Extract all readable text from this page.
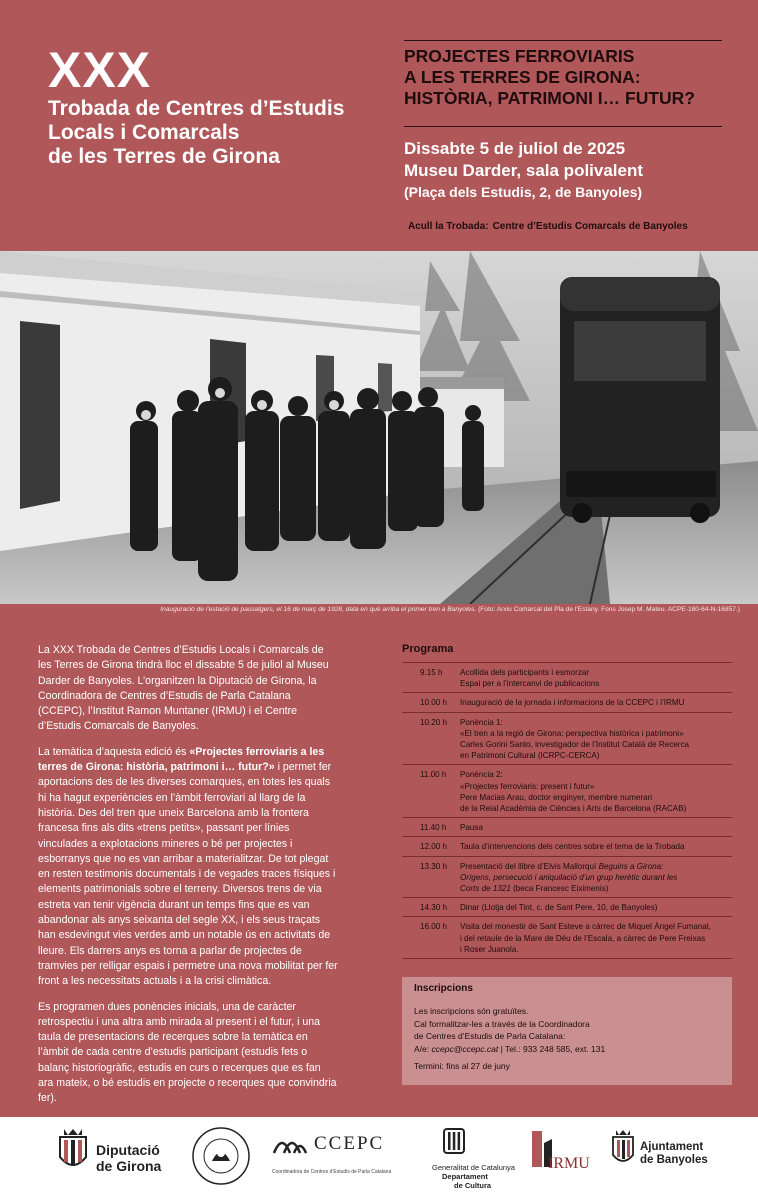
XXX
Trobada de Centres d’Estudis
Locals i Comarcals
de les Terres de Girona
PROJECTES FERROVIARIS
A LES TERRES DE GIRONA:
HISTÒRIA, PATRIMONI I… FUTUR?
Dissabte 5 de juliol de 2025
Museu Darder, sala polivalent
(Plaça dels Estudis, 2, de Banyoles)
Acull la Trobada: Centre d’Estudis Comarcals de Banyoles
Inauguració de l’estació de passatgers, el 16 de març de 1928, data en què arriba el primer tren a Banyoles. (Foto: Arxiu Comarcal del Pla de l’Estany. Fons Josep M. Mateu. ACPE-180-64-N-16857.)

La XXX Trobada de Centres d’Estudis Locals i Comarcals de les Terres de Girona tindrà lloc el dissabte 5 de juliol al Museu Darder de Banyoles. L’organitzen la Diputació de Girona, la Coordinadora de Centres d’Estudis de Parla Catalana (CCEPC), l’Institut Ramon Muntaner (IRMU) i el Centre d’Estudis Comarcals de Banyoles.

La temàtica d’aquesta edició és «Projectes ferroviaris a les terres de Girona: història, patrimoni i… futur?» i permet fer aportacions des de les diverses comarques, en totes les quals hi ha hagut experiències en l’àmbit ferroviari al llarg de la història. Des del tren que uneix Barcelona amb la frontera francesa fins als dits «trens petits», passant per línies vinculades a explotacions mineres o bé per projectes i esborranys que no es van arribar a materialitzar. De tot plegat en resten testimonis documentals i de vegades traces físiques i elements patrimonials sobre el terreny. Diversos trens de via estreta van tenir vigència durant un temps fins que es van abandonar als anys seixanta del segle XX, i els seus traçats han esdevingut vies verdes amb un notable ús en activitats de lleure. Els darrers anys es torna a parlar de projectes de tramvies per relligar espais i permetre una nova mobilitat per fer front a les necessitats actuals i a la crisi climàtica.

Es programen dues ponències inicials, una de caràcter retrospectiu i una altra amb mirada al present i el futur, i una taula de presentacions de recerques sobre la temàtica en l’àmbit de cada centre d’estudis participant (estudis fets o balanç historiogràfic, estudis en curs o recerques que es fan ara mateix, o bé estudis en projecte o recerques que convindria fer).

Programa
9.15 h Acollida dels participants i esmorzar
Espai per a l’intercanvi de publicacions
10.00 h Inauguració de la jornada i informacions de la CCEPC i l’IRMU
10.20 h Ponència 1:
«El tren a la regió de Girona: perspectiva històrica i patrimoni»
Carles Gorini Santo, investigador de l’Institut Català de Recerca
en Patrimoni Cultural (ICRPC-CERCA)
11.00 h Ponència 2:
«Projectes ferroviaris: present i futur»
Pere Macias Arau, doctor enginyer, membre numerari
de la Reial Acadèmia de Ciències i Arts de Barcelona (RACAB)
11.40 h Pausa
12.00 h Taula d’intervencions dels centres sobre el tema de la Trobada
13.30 h Presentació del llibre d’Elvis Mallorquí Beguins a Girona:
Orígens, persecució i aniquilació d’un grup herètic durant les
Corts de 1321 (beca Francesc Eiximenis)
14.30 h Dinar (Llotja del Tint, c. de Sant Pere, 10, de Banyoles)
16.00 h Visita del monestir de Sant Esteve a càrrec de Miquel Àngel Fumanal,
i del retaule de la Mare de Déu de l’Escala, a càrrec de Pere Freixas
i Roser Juanola.
Inscripcions
Les inscripcions són gratuïtes.
Cal formalitzar-les a través de la Coordinadora
de Centres d’Estudis de Parla Catalana:
A/e: ccepc@ccepc.cat | Tel.: 933 248 585, ext. 131
Termini: fins al 27 de juny
Diputació
de Girona
CCEPC
Coordinadora de Centres d’Estudis de Parla Catalana	Generalitat de Catalunya
Departament
de Cultura
IRMU
Ajuntament
de Banyoles
